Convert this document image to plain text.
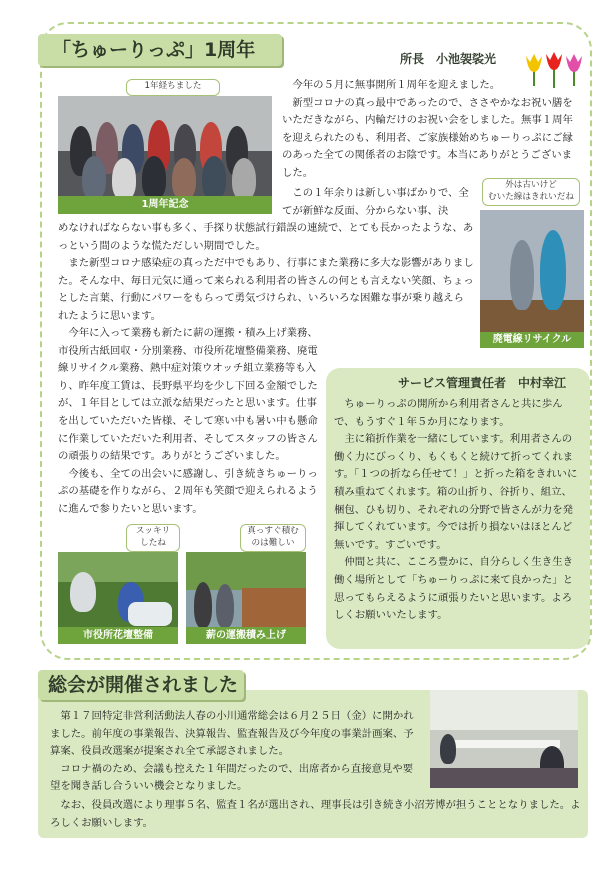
「ちゅーりっぷ」1周年	所長　小池袈裟光
1年経ちました
1周年記念

今年の５月に無事開所１周年を迎えました。

新型コロナの真っ最中であったので、ささやかなお祝い膳をいただきながら、内輪だけのお祝い会をしました。無事１周年を迎えられたのも、利用者、ご家族様始めちゅーりっぷにご縁のあった全ての関係者のお陰です。本当にありがとうございました。

この１年余りは新しい事ばかりで、全てが新鮮な反面、分からない事、決

外は古いけど
むいた線はきれいだね
廃電線リサイクル

めなければならない事も多く、手探り状態試行錯誤の連続で、とても長かったような、あっという間のような慌ただしい期間でした。

また新型コロナ感染症の真っただ中でもあり、行事にまた業務に多大な影響がありました。そんな中、毎日元気に通って来られる利用者の皆さんの何とも言えない笑顔、ちょっとした言葉、行動にパワーをもらって勇気づけられ、いろいろな困難な事が乗り越えられたように思います。

今年に入って業務も新たに薪の運搬・積み上げ業務、市役所古紙回収・分別業務、市役所花壇整備業務、廃電線リサイクル業務、熱中症対策ウオッチ組立業務等も入り、昨年度工賃は、長野県平均を少し下回る金額でしたが、１年目としては立派な結果だったと思います。仕事を出していただいた皆様、そして寒い中も暑い中も懸命に作業していただいた利用者、そしてスタッフの皆さんの頑張りの結果です。ありがとうございました。

今後も、全ての出会いに感謝し、引き続きちゅーりっぷの基礎を作りながら、２周年も笑顔で迎えられるように進んで参りたいと思います。

スッキリ
したね
市役所花壇整備
真っすぐ積む
のは難しい
薪の運搬積み上げ
サービス管理責任者　中村幸江

ちゅーりっぷの開所から利用者さんと共に歩んで、もうすぐ１年５か月になります。

主に箱折作業を一緒にしています。利用者さんの働く力にびっくり、もくもくと続けて折ってくれます。「１つの折なら任せて！」と折った箱をきれいに積み重ねてくれます。箱の山折り、谷折り、組立、梱包、ひも切り、それぞれの分野で皆さんが力を発揮してくれています。今では折り損ないはほとんど無いです。すごいです。

仲間と共に、こころ豊かに、自分らしく生き生き働く場所として「ちゅーりっぷに来て良かった」と思ってもらえるように頑張りたいと思います。よろしくお願いいたします。

総会が開催されました

第１７回特定非営利活動法人春の小川通常総会は６月２５日（金）に開かれました。前年度の事業報告、決算報告、監査報告及び今年度の事業計画案、予算案、役員改選案が提案され全て承認されました。

コロナ禍のため、会議も控えた１年間だったので、出席者から直接意見や要望を聞き話し合ういい機会となりました。

なお、役員改選により理事５名、監査１名が選出され、理事長は引き続き小沼芳博が担うこととなりました。よろしくお願いします。
